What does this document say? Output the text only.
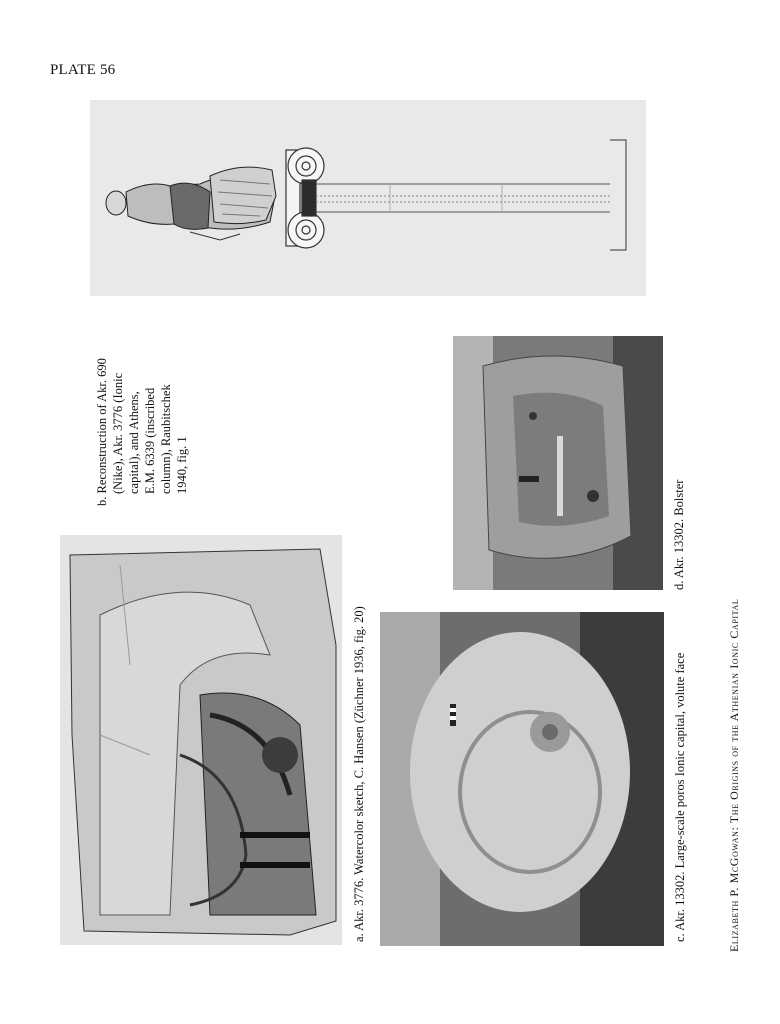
PLATE 56
b. Reconstruction of Akr. 690 (Nike), Akr. 3776 (Ionic capital), and Athens, E.M. 6339 (inscribed column), Raubitschek 1940, fig. 1
a. Akr. 3776. Watercolor sketch, C. Hansen (Züchner 1936, fig. 20)	c. Akr. 13302. Large-scale poros Ionic capital, volute face
d. Akr. 13302. Bolster
Elizabeth P. McGowan: The Origins of the Athenian Ionic Capital
